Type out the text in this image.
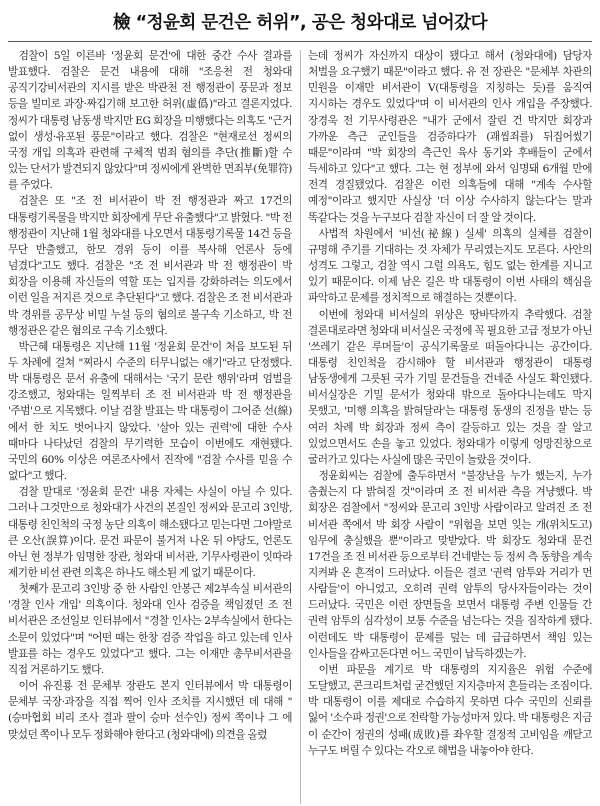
檢 “정윤회 문건은 허위”, 공은 청와대로 넘어갔다

검찰이 5일 이른바 '정윤회 문건'에 대한 중간 수사 결과를 발표했다. 검찰은 문건 내용에 대해 "조응천 전 청와대 공직기강비서관의 지시를 받은 박관천 전 행정관이 풍문과 정보 등을 빌미로 과장·짜깁기해 보고한 허위(虛僞)"라고 결론지었다. 정씨가 대통령 남동생 박지만 EG 회장을 미행했다는 의혹도 "근거 없이 생성·유포된 풍문"이라고 했다. 검찰은 "현재로선 정씨의 국정 개입 의혹과 관련해 구체적 범죄 혐의를 추단(推斷)할 수 있는 단서가 발견되지 않았다"며 정씨에게 완벽한 면죄부(免罪符)를 주었다.

검찰은 또 "조 전 비서관이 박 전 행정관과 짜고 17건의 대통령기록물을 박지만 회장에게 무단 유출했다"고 밝혔다. "박 전 행정관이 지난해 1월 청와대를 나오면서 대통령기록물 14건 등을 무단 반출했고, 한모 경위 등이 이를 복사해 언론사 등에 넘겼다"고도 했다. 검찰은 "조 전 비서관과 박 전 행정관이 박 회장을 이용해 자신들의 역할 또는 입지를 강화하려는 의도에서 이런 일을 저지른 것으로 추단된다"고 했다. 검찰은 조 전 비서관과 박 경위를 공무상 비밀 누설 등의 혐의로 불구속 기소하고, 박 전 행정관은 같은 혐의로 구속 기소했다.

박근혜 대통령은 지난해 11월 '정윤회 문건'이 처음 보도된 뒤 두 차례에 걸쳐 "찌라시 수준의 터무니없는 얘기"라고 단정했다. 박 대통령은 문서 유출에 대해서는 '국기 문란 행위'라며 엄벌을 강조했고, 청와대는 일찍부터 조 전 비서관과 박 전 행정관을 '주범'으로 지목했다. 이날 검찰 발표는 박 대통령이 그어준 선(線)에서 한 치도 벗어나지 않았다. '살아 있는 권력'에 대한 수사 때마다 나타났던 검찰의 무기력한 모습이 이번에도 재현됐다. 국민의 60% 이상은 여론조사에서 진작에 "검찰 수사를 믿을 수 없다"고 했다.

검찰 말대로 '정윤회 문건' 내용 자체는 사실이 아닐 수 있다. 그러나 그것만으로 청와대가 사건의 본질인 정씨와 문고리 3인방, 대통령 친인척의 국정 농단 의혹이 해소됐다고 믿는다면 그야말로 큰 오산(誤算)이다. 문건 파문이 불거져 나온 뒤 야당도, 언론도 아닌 현 정부가 임명한 장관, 청와대 비서관, 기무사령관이 잇따라 제기한 비선 관련 의혹은 하나도 해소된 게 없기 때문이다.

첫째가 문고리 3인방 중 한 사람인 안봉근 제2부속실 비서관의 '경찰 인사 개입' 의혹이다. 청와대 인사 검증을 책임졌던 조 전 비서관은 조선일보 인터뷰에서 "경찰 인사는 2부속실에서 한다는 소문이 있었다"며 "어떤 때는 한창 검증 작업을 하고 있는데 인사 발표를 하는 경우도 있었다"고 했다. 그는 이재만 총무비서관을 직접 거론하기도 했다.

이어 유진룡 전 문체부 장관도 본지 인터뷰에서 박 대통령이 문체부 국장·과장을 직접 찍어 인사 조치를 지시했던 데 대해 "(승마협회 비리 조사 결과 팔이 승마 선수인) 정씨 쪽이나 그 에 맞섰던 쪽이나 모두 정화해야 한다고 (청와대에) 의견을 올렸

는데 정씨가 자신까지 대상이 됐다고 해서 (청와대에) 담당자 처벌을 요구했기 때문"이라고 했다. 유 전 장관은 "문체부 차관의 민원을 이재만 비서관이 V(대통령을 지칭하는 듯)를 움직여 지시하는 경우도 있었다"며 이 비서관의 인사 개입을 주장했다. 장경욱 전 기무사령관은 "내가 군에서 잘린 건 박지만 회장과 가까운 측근 군인들을 검증하다가 (괘씸죄를) 뒤집어썼기 때문"이라며 "박 회장의 측근인 육사 동기와 후배들이 군에서 득세하고 있다"고 했다. 그는 현 정부에 와서 임명돼 6개월 만에 전격 경질됐었다. 검찰은 이런 의혹들에 대해 "계속 수사할 예정"이라고 했지만 사실상 '더 이상 수사하지 않는다'는 말과 똑같다는 것을 누구보다 검찰 자신이 더 잘 알 것이다.

사법적 차원에서 '비선(祕線) 실세' 의혹의 실체를 검찰이 규명해 주기를 기대하는 것 자체가 무리였는지도 모른다. 사안의 성격도 그렇고, 검찰 역시 그럴 의욕도, 힘도 없는 한계를 지니고 있기 때문이다. 이제 남은 길은 박 대통령이 이번 사태의 핵심을 파악하고 문제를 정치적으로 해결하는 것뿐이다.

이번에 청와대 비서실의 위상은 땅바닥까지 추락했다. 검찰 결론대로라면 청와대 비서실은 국정에 꼭 필요한 고급 정보가 아닌 '쓰레기 같은 루머들'이 공식기록물로 떠돌아다니는 공간이다. 대통령 친인척을 감시해야 할 비서관과 행정관이 대통령 남동생에게 그릇된 국가 기밀 문건들을 건네준 사실도 확인됐다. 비서실장은 기밀 문서가 청와대 밖으로 돌아다니는데도 막지 못했고, '미행 의혹을 밝혀달라'는 대통령 동생의 진정을 받는 등 여러 차례 박 회장과 정씨 측이 갈등하고 있는 것을 잘 알고 있었으면서도 손을 놓고 있었다. 청와대가 이렇게 엉망진창으로 굴러가고 있다는 사실에 많은 국민이 놀랐을 것이다.

정윤회씨는 검찰에 출두하면서 "불장난을 누가 했는지, 누가 춤췄는지 다 밝혀질 것"이라며 조 전 비서관 측을 겨냥했다. 박 회장은 검찰에서 "정씨와 문고리 3인방 사람이라고 알려진 조 전 비서관 쪽에서 박 회장 사람이 "위험을 보면 잊는 개(위치도고) 임무에 충실했을 뿐"이라고 맞받았다. 박 회장도 청와대 문건 17건을 조 전 비서관 등으로부터 건네받는 등 정씨 측 동향을 계속 지켜봐 온 흔적이 드러났다. 이들은 결코 '권력 암투와 거리가 먼 사람들'이 아니었고, 오히려 권력 암투의 당사자들이라는 것이 드러났다. 국민은 이런 장면들을 보면서 대통령 주변 인물들 간 권력 암투의 심각성이 보통 수준을 넘는다는 것을 짐작하게 됐다. 이런데도 박 대통령이 문제를 덮는 데 급급하면서 책임 있는 인사들을 감싸고돈다면 어느 국민이 납득하겠는가.

이번 파문을 계기로 박 대통령의 지지율은 위험 수준에 도달했고, 콘크리트처럼 굳건했던 지지층마저 흔들리는 조짐이다. 박 대통령이 이를 제대로 수습하지 못하면 다수 국민의 신뢰를 잃어 '소수파 정권'으로 전락할 가능성마저 있다. 박 대통령은 지금 이 순간이 정권의 성패(成敗)를 좌우할 결정적 고비임을 깨닫고 누구도 버릴 수 있다는 각오로 해법을 내놓아야 한다.
